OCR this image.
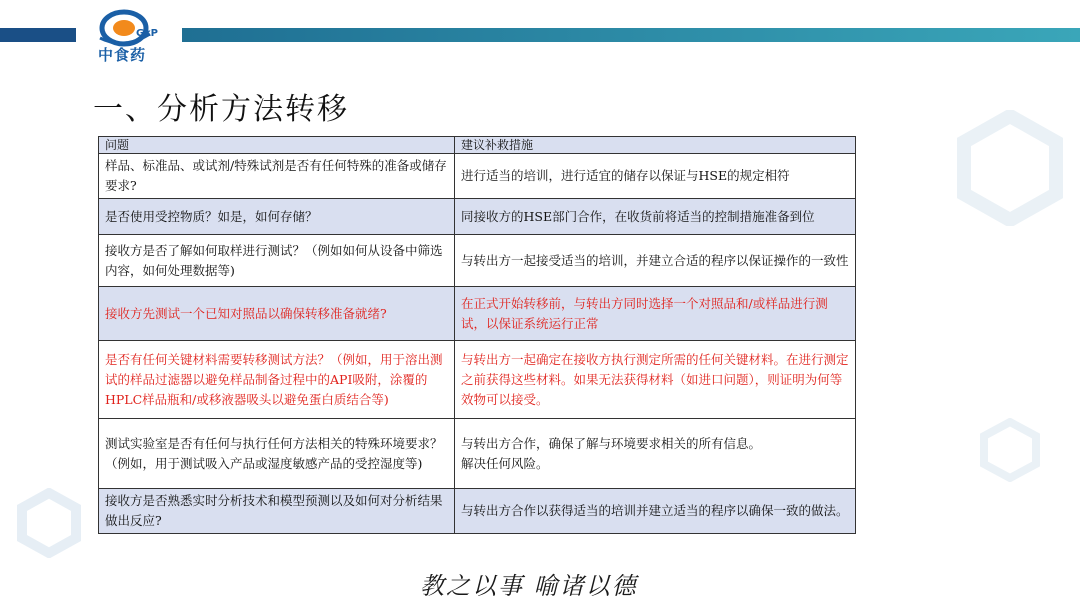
GxP
中食药
一、分析方法转移
问题	建议补救措施
样品、标准品、或试剂/特殊试剂是否有任何特殊的准备或储存要求?	进行适当的培训，进行适宜的储存以保证与HSE的规定相符
是否使用受控物质？如是，如何存储？	同接收方的HSE部门合作，在收货前将适当的控制措施准备到位
接收方是否了解如何取样进行测试？（例如如何从设备中筛选内容，如何处理数据等)	与转出方一起接受适当的培训，并建立合适的程序以保证操作的一致性
接收方先测试一个已知对照品以确保转移准备就绪?	在正式开始转移前，与转出方同时选择一个对照品和/或样品进行测试，以保证系统运行正常
是否有任何关键材料需要转移测试方法？（例如，用于溶出测试的样品过滤器以避免样品制备过程中的API吸附，涂覆的HPLC样品瓶和/或移液器吸头以避免蛋白质结合等)	与转出方一起确定在接收方执行测定所需的任何关键材料。在进行测定之前获得这些材料。如果无法获得材料（如进口问题），则证明为何等效物可以接受。
测试实验室是否有任何与执行任何方法相关的特殊环境要求？（例如，用于测试吸入产品或湿度敏感产品的受控湿度等)	与转出方合作，确保了解与环境要求相关的所有信息。
解决任何风险。
接收方是否熟悉实时分析技术和模型预测以及如何对分析结果做出反应?	与转出方合作以获得适当的培训并建立适当的程序以确保一致的做法。
教之以事 喻诸以德
